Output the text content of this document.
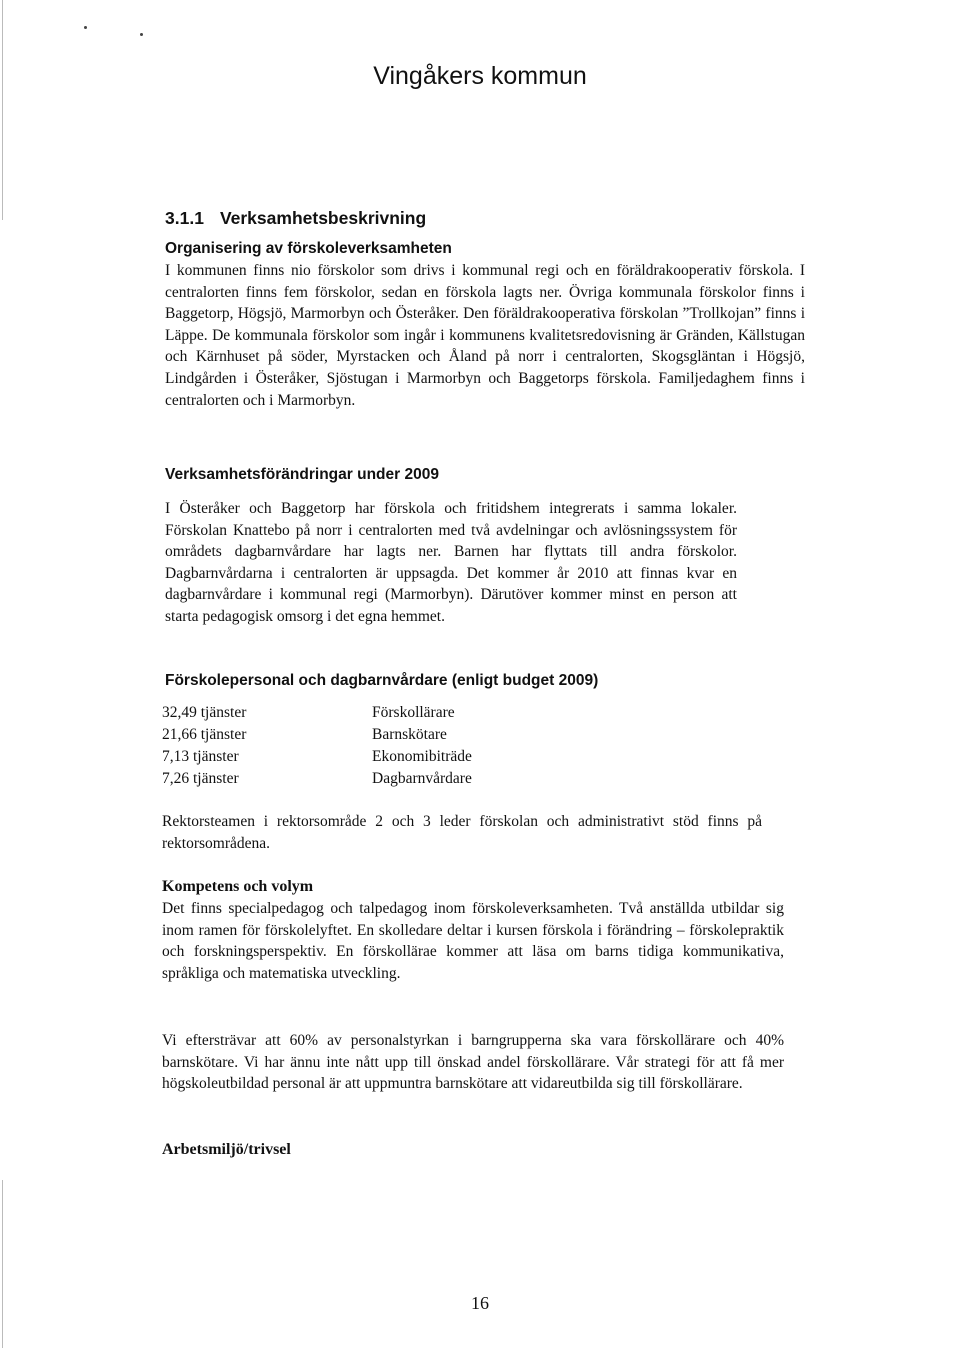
Vingåkers kommun
3.1.1 Verksamhetsbeskrivning
Organisering av förskoleverksamheten

I kommunen finns nio förskolor som drivs i kommunal regi och en föräldrakooperativ förskola. I centralorten finns fem förskolor, sedan en förskola lagts ner. Övriga kommunala förskolor finns i Baggetorp, Högsjö, Marmorbyn och Österåker. Den föräldrakooperativa förskolan ”Trollkojan” finns i Läppe. De kommunala förskolor som ingår i kommunens kvalitetsredovisning är Gränden, Källstugan och Kärnhuset på söder, Myrstacken och Åland på norr i centralorten, Skogsgläntan i Högsjö, Lindgården i Österåker, Sjöstugan i Marmorbyn och Baggetorps förskola. Familjedaghem finns i centralorten och i Marmorbyn.

Verksamhetsförändringar under 2009

I Österåker och Baggetorp har förskola och fritidshem integrerats i samma lokaler. Förskolan Knattebo på norr i centralorten med två avdelningar och avlösningssystem för områdets dagbarnvårdare har lagts ner. Barnen har flyttats till andra förskolor. Dagbarnvårdarna i centralorten är uppsagda. Det kommer år 2010 att finnas kvar en dagbarnvårdare i kommunal regi (Marmorbyn). Därutöver kommer minst en person att starta pedagogisk omsorg i det egna hemmet.

Förskolepersonal och dagbarnvårdare (enligt budget 2009)
32,49 tjänster	Förskollärare
21,66 tjänster	Barnskötare
7,13 tjänster	Ekonomibiträde
7,26 tjänster	Dagbarnvårdare

Rektorsteamen i rektorsområde 2 och 3 leder förskolan och administrativt stöd finns på rektorsområdena.

Kompetens och volym

Det finns specialpedagog och talpedagog inom förskoleverksamheten. Två anställda utbildar sig inom ramen för förskolelyftet. En skolledare deltar i kursen förskola i förändring – förskolepraktik och forskningsperspektiv. En förskollärae kommer att läsa om barns tidiga kommunikativa, språkliga och matematiska utveckling.

Vi eftersträvar att 60% av personalstyrkan i barngrupperna ska vara förskollärare och 40% barnskötare. Vi har ännu inte nått upp till önskad andel förskollärare. Vår strategi för att få mer högskoleutbildad personal är att uppmuntra barnskötare att vidareutbilda sig till förskollärare.

Arbetsmiljö/trivsel
16
